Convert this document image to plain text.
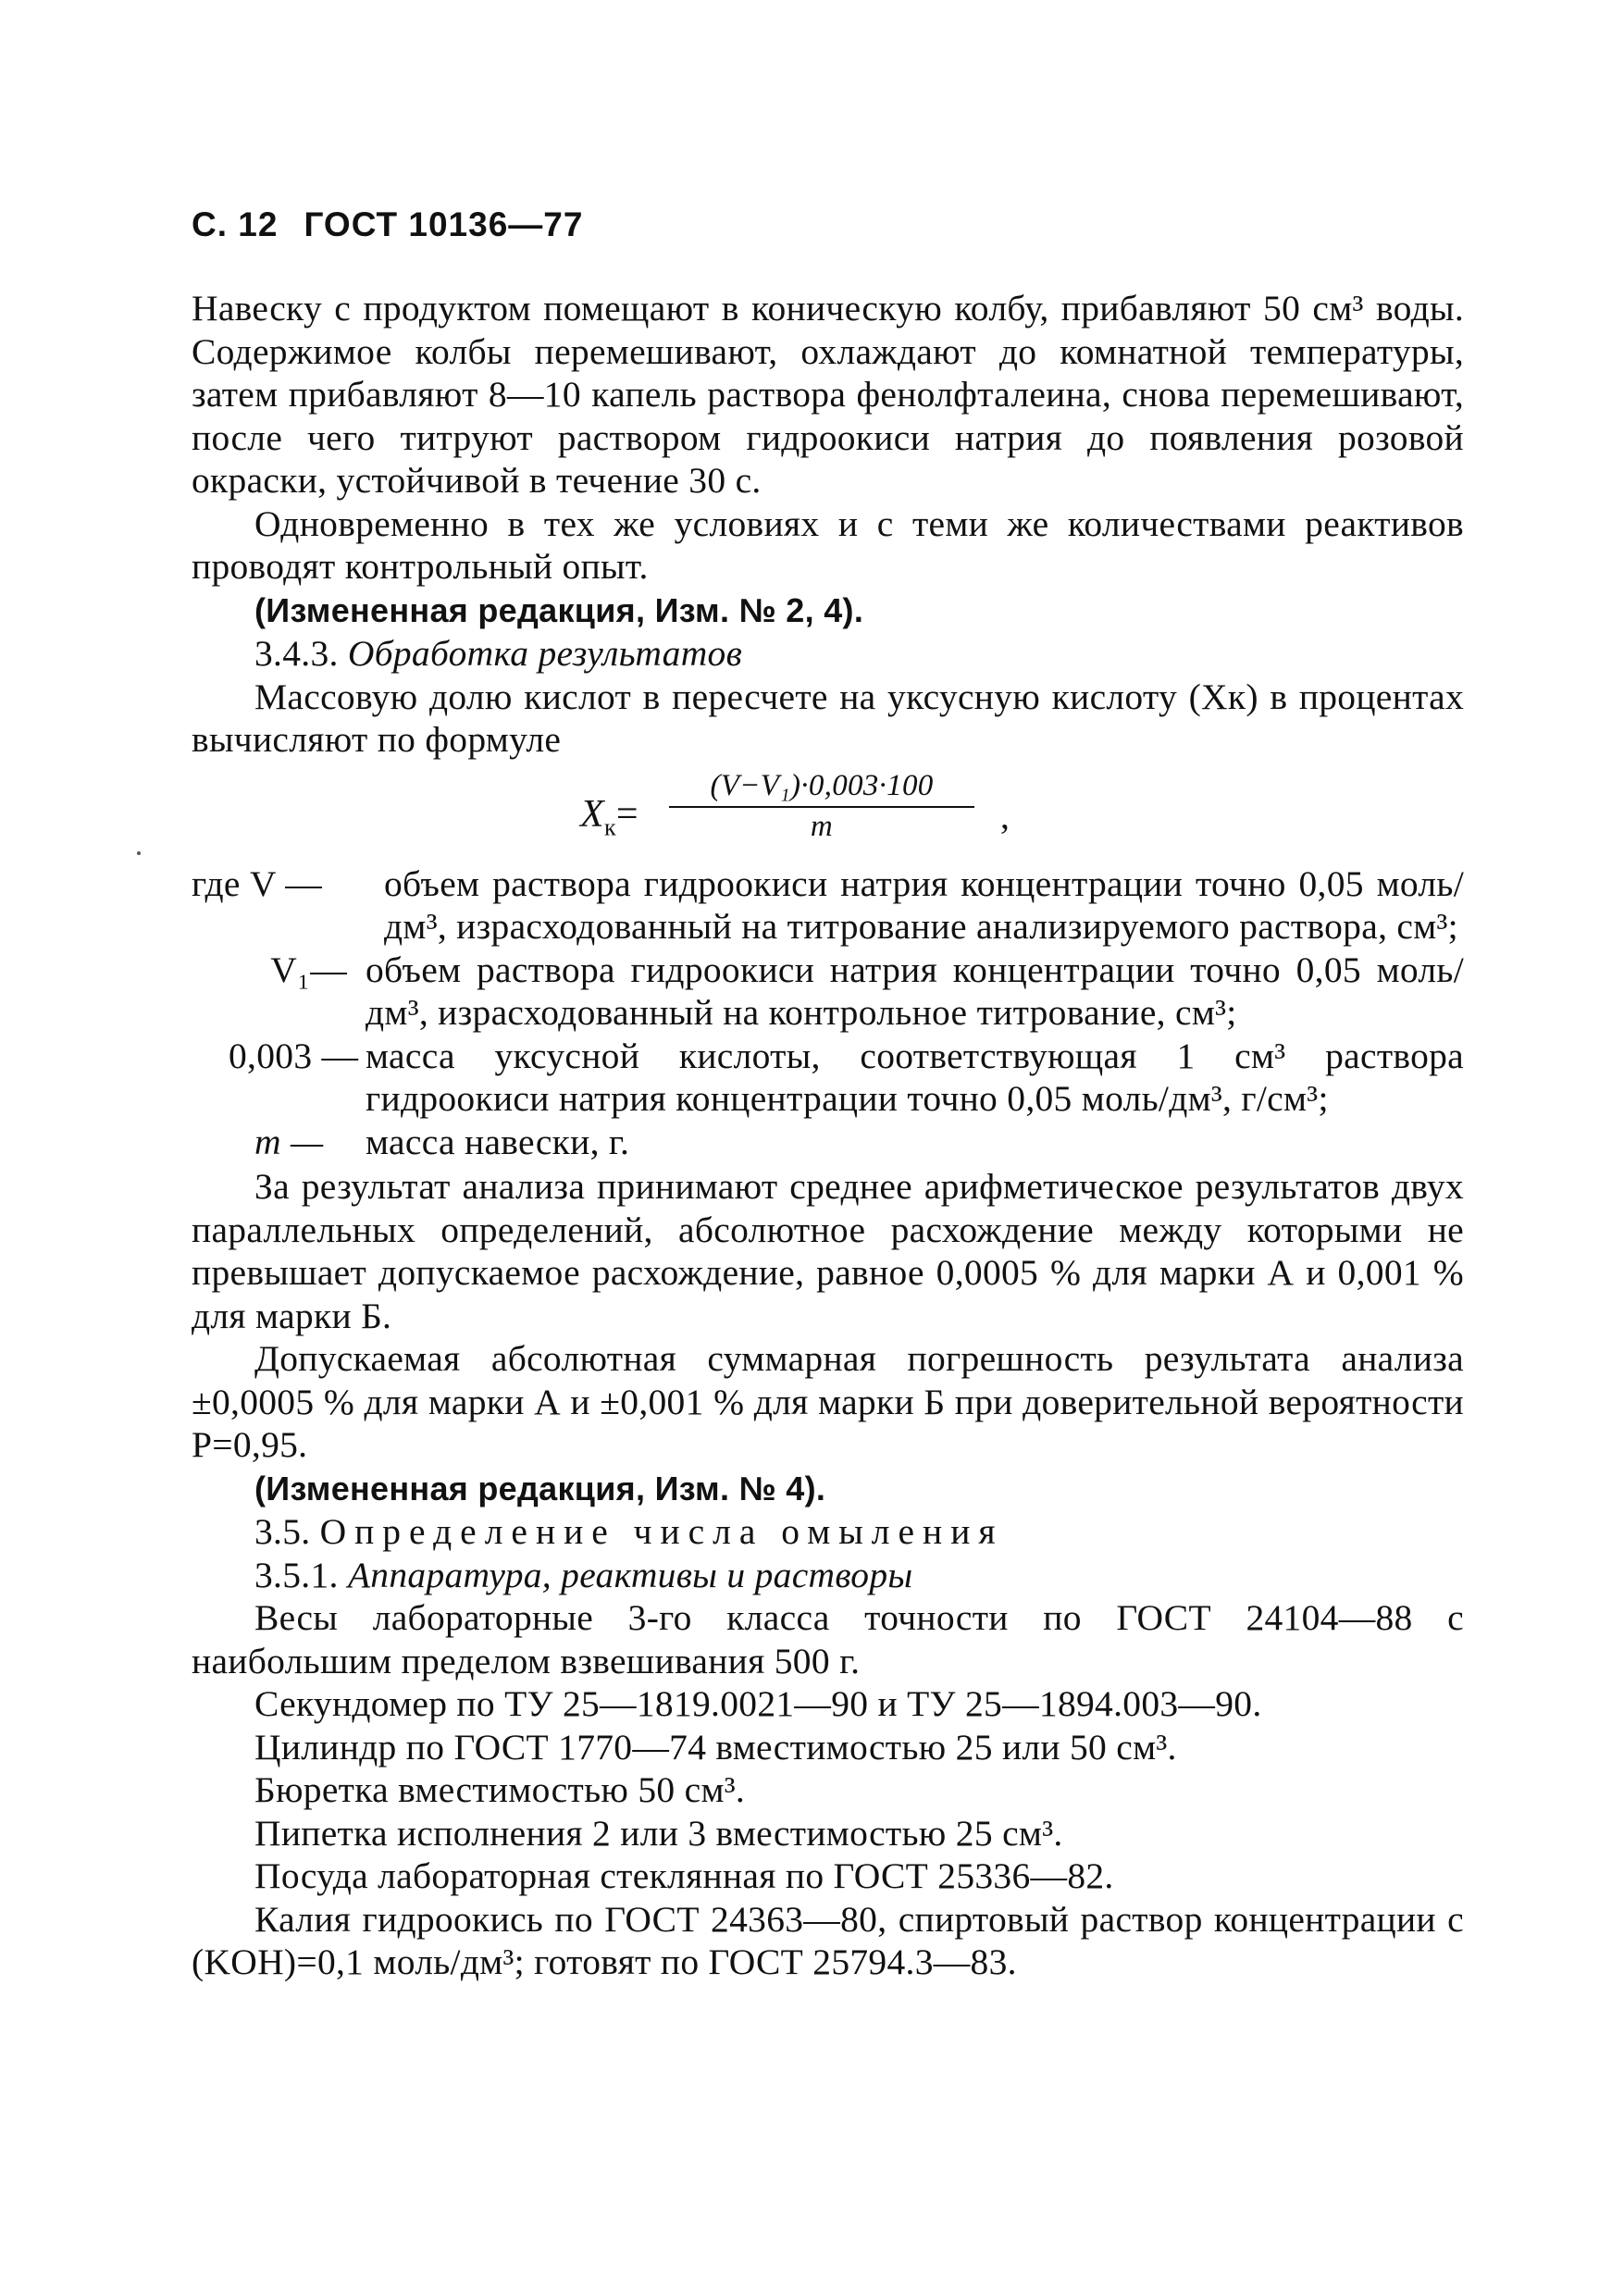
С. 12 ГОСТ 10136—77

Навеску с продуктом помещают в коническую колбу, прибавляют 50 см³ воды. Содержимое колбы перемешивают, охлаждают до комнатной температуры, затем прибавляют 8—10 капель раствора фенолфталеина, снова перемешивают, после чего титруют раствором гидроокиси натрия до появления розовой окраски, устойчивой в течение 30 с.

Одновременно в тех же условиях и с теми же количествами реактивов проводят контрольный опыт.

(Измененная редакция, Изм. № 2, 4).

3.4.3. Обработка результатов

Массовую долю кислот в пересчете на уксусную кислоту (Xк) в процентах вычисляют по формуле

$X_к= \frac{\text{(V−V₁)·0,003·100}}{m}$ ,
где V —	объем раствора гидроокиси натрия концентрации точно 0,05 моль/дм³, израсходованный на титрование анализируемого раствора, см³;
V₁— объем раствора гидроокиси натрия концентрации точно 0,05 моль/дм³, израсходованный на контрольное титрование, см³;
0,003 — масса уксусной кислоты, соответствующая 1 см³ раствора гидроокиси натрия концентрации точно 0,05 моль/дм³, г/см³;
m —	масса навески, г.

За результат анализа принимают среднее арифметическое результатов двух параллельных определений, абсолютное расхождение между которыми не превышает допускаемое расхождение, равное 0,0005 % для марки А и 0,001 % для марки Б.

Допускаемая абсолютная суммарная погрешность результата анализа ±0,0005 % для марки А и ±0,001 % для марки Б при доверительной вероятности P=0,95.

(Измененная редакция, Изм. № 4).

3.5. Определение числа омыления

3.5.1. Аппаратура, реактивы и растворы

Весы лабораторные 3-го класса точности по ГОСТ 24104—88 с наибольшим пределом взвешивания 500 г.

Секундомер по ТУ 25—1819.0021—90 и ТУ 25—1894.003—90.

Цилиндр по ГОСТ 1770—74 вместимостью 25 или 50 см³.

Бюретка вместимостью 50 см³.

Пипетка исполнения 2 или 3 вместимостью 25 см³.

Посуда лабораторная стеклянная по ГОСТ 25336—82.

Калия гидроокись по ГОСТ 24363—80, спиртовый раствор концентрации c (KOH)=0,1 моль/дм³; готовят по ГОСТ 25794.3—83.
